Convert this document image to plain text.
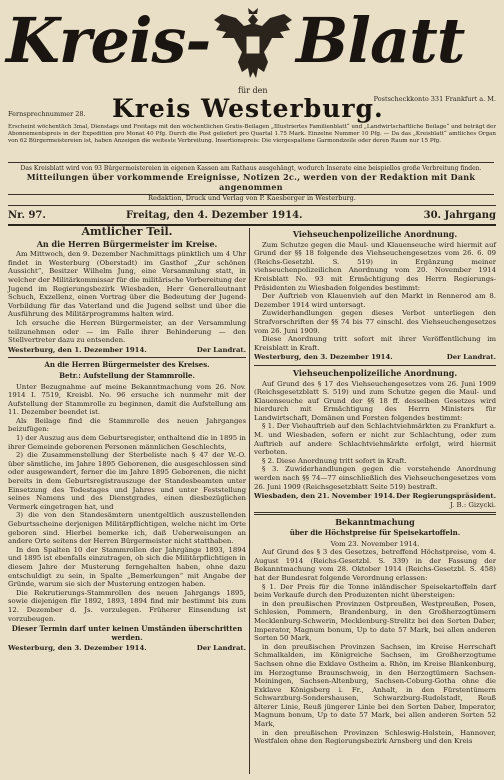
Kreis- Blatt
für den
Kreis Westerburg.
Fernsprechnummer 28.
Postscheckkonto 331 Frankfurt a. M.
Erscheint wöchentlich 3mal, Dienstags und Freitags mit den wöchentlichen Gratis-Beilagen „Illustriertes Familienblatt“ und „Landwirtschaftliche Beilage“ und beträgt der Abonnementspreis in der Expedition pro Monat 40 Pfg. Durch die Post geliefert pro Quartal 1.75 Mark. Einzelne Nummer 10 Pfg. — Da das „Kreisblatt“ amtliches Organ von 62 Bürgermeistereien ist, haben Anzeigen die weiteste Verbreitung. Insertionspreis: Die viergespaltene Garmondzeile oder deren Raum nur 15 Pfg.
Das Kreisblatt wird von 93 Bürgermeistereien in eigenen Kassen am Rathaus ausgehängt, wodurch Inserate eine beispiellos große Verbreitung finden.
Mitteilungen über vorkommende Ereignisse, Notizen 2c., werden von der Redaktion mit Dank angenommen
Redaktion, Druck und Verlag von P. Kaesberger in Westerburg.
Nr. 97.	Freitag, den 4. Dezember 1914.	30. Jahrgang
Amtlicher Teil.
An die Herren Bürgermeister im Kreise.

Am Mittwoch, den 9. Dezember Nachmittags pünktlich um 4 Uhr findet in Westerburg (Oberstadt) im Gasthof „Zur schönen Aussicht“, Besitzer Wilhelm Jung, eine Versammlung statt, in welcher der Militärkommissar für die militärische Vorbereitung der Jugend im Regierungsbezirk Wiesbaden, Herr Generalleutnant Schuch, Exzellenz, einen Vortrag über die Bedeutung der Jugend-Vorbildung für das Vaterland und die Jugend selbst und über die Ausführung des Militärprogramms halten wird.

Ich ersuche die Herren Bürgermeister, an der Versammlung teilzunehmen oder — im Falle ihrer Behinderung — den Stellvertreter dazu zu entsenden.

Westerburg, den 1. Dezember 1914.	Der Landrat.
An die Herren Bürgermeister des Kreises.
Betr.: Aufstellung der Stammrolle.

Unter Bezugnahme auf meine Bekanntmachung vom 26. Nov. 1914 I. 7519, Kreisbl. No. 96 ersuche ich nunmehr mit der Aufstellung der Stammrolle zu beginnen, damit die Aufstellung am 11. Dezember beendet ist.

Als Beilage find die Stammrolle des neuen Jahrganges beizufügen:

1) der Auszug aus dem Geburtsregister, enthaltend die in 1895 in ihrer Gemeinde geborenen Personen männlichen Geschlechts,

2) die Zusammenstellung der Sterbeliste nach § 47 der W.-O. über sämtliche, im Jahre 1895 Geborenen, die ausgeschlossen sind oder ausgewandert, ferner die im Jahre 1895 Geborenen, die nicht bereits in dem Geburtsregistrauszuge der Standesbeamten unter Einsetzung des Todestages und Jahres und unter Feststellung seines Namens und des Dienstgrades, einen diesbezüglichen Vermerk eingetragen hat, und

3) die von den Standesämtern unentgeltlich auszustellenden Geburtsscheine derjenigen Militärpflichtigen, welche nicht im Orte geboren sind. Hierbei bemerke ich, daß Ueberweisungen an andere Orte seitens der Herren Bürgermeister nicht statthaben.

In den Spalten 10 der Stammrollen der Jahrgänge 1893, 1894 und 1895 ist ebenfalls einzutragen, ob sich die Militärpflichtigen in diesem Jahre der Musterung ferngehalten haben, ohne dazu entschuldigt zu sein, in Spalte „Bemerkungen“ mit Angabe der Gründe, warum sie sich der Musterung entzogen haben.

Die Rekrutierungs-Stammrollen des neuen Jahrgangs 1895, sowie diejenigen für 1892, 1893, 1894 find mir bestimmt bis zum 12. Dezember d. Js. vorzulegen. Früherer Einsendung ist vorzubeugen.

Dieser Termin darf unter keinen Umständen überschritten werden.
Westerburg, den 3. Dezember 1914.	Der Landrat.
Viehseuchenpolizeiliche Anordnung.

Zum Schutze gegen die Maul- und Klauenseuche wird hiermit auf Grund der §§ 18 folgende des Viehseuchengesetzes vom 26. 6. 09 (Reichs-Gesetzbl. S. 519) in Ergänzung meiner viehseuchenpolizeilichen Anordnung vom 20. November 1914 Kreisblatt No. 93 mit Ermächtigung des Herrn Regierungs-Präsidenten zu Wiesbaden folgendes bestimmt:

Der Auftrieb von Klauenvieh auf den Markt in Rennerod am 8. Dezember 1914 wird untersagt.

Zuwiderhandlungen gegen dieses Verbot unterliegen den Strafvorschriften der §§ 74 bis 77 einschl. des Viehseuchengesetzes vom 26. Juni 1909.

Diese Anordnung tritt sofort mit ihrer Veröffentlichung im Kreisblatt in Kraft.

Westerburg, den 3. Dezember 1914.	Der Landrat.
Viehseuchenpolizeiliche Anordnung.

Auf Grund des § 17 des Viehseuchengesetzes vom 26. Juni 1909 (Reichsgesetzblatt S. 519) und zum Schutze gegen die Maul- und Klauenseuche auf Grund der §§ 18 ff. desselben Gesetzes wird hierdurch mit Ermächtigung des Herrn Ministers für Landwirtschaft, Domänen und Forsten folgendes bestimmt:

§ 1. Der Viehauftrieb auf den Schlachtviehmärkten zu Frankfurt a. M. und Wiesbaden, sofern er nicht zur Schlachtung, oder zum Auftrieb auf andere Schlachtviehmärkte erfolgt, wird hiermit verboten.

§ 2. Diese Anordnung tritt sofort in Kraft.

§ 3. Zuwiderhandlungen gegen die vorstehende Anordnung werden nach §§ 74—77 einschließlich des Viehseuchengesetzes vom 26. Juni 1909 (Reichsgesetzblatt Seite 519) bestraft.

Wiesbaden, den 21. November 1914. Der Regierungspräsident.
J. B.: Gizycki.
Bekanntmachung
über die Höchstpreise für Speisekartoffeln.
Vom 23. November 1914.

Auf Grund des § 3 des Gesetzes, betreffend Höchstpreise, vom 4. August 1914 (Reichs-Gesetzbl. S. 339) in der Fassung der Bekanntmachung vom 28. Oktober 1914 (Reichs-Gesetzbl. S. 458) hat der Bundesrat folgende Verordnung erlassen:

§ 1. Der Preis für die Tonne inländischer Speisekartoffeln darf beim Verkaufe durch den Produzenten nicht übersteigen:

in den preußischen Provinzen Ostpreußen, Westpreußen, Posen, Schlesien, Pommern, Brandenburg, in den Großherzogtümern Mecklenburg-Schwerin, Mecklenburg-Strelitz bei den Sorten Daber, Imperator, Magnum bonum, Up to date 57 Mark, bei allen anderen Sorten 50 Mark,

in den preußischen Provinzen Sachsen, im Kreise Herrschaft Schmalkalden, im Königreiche Sachsen, im Großherzogtume Sachsen ohne die Exklave Ostheim a. Rhön, im Kreise Blankenburg, im Herzogtume Braunschweig, in den Herzogtümern Sachsen-Meiningen, Sachsen-Altenburg, Sachsen-Coburg-Gotha ohne die Exklave Königsberg i. Fr., Anhalt, in den Fürstentümern Schwarzburg-Sondershausen, Schwarzburg-Rudolstadt, Reuß älterer Linie, Reuß jüngerer Linie bei den Sorten Daber, Imperator, Magnum bonum, Up to date 57 Mark, bei allen anderen Sorten 52 Mark,

in den preußischen Provinzen Schleswig-Holstein, Hannover, Westfalen ohne den Regierungsbezirk Arnsberg und den Kreis
